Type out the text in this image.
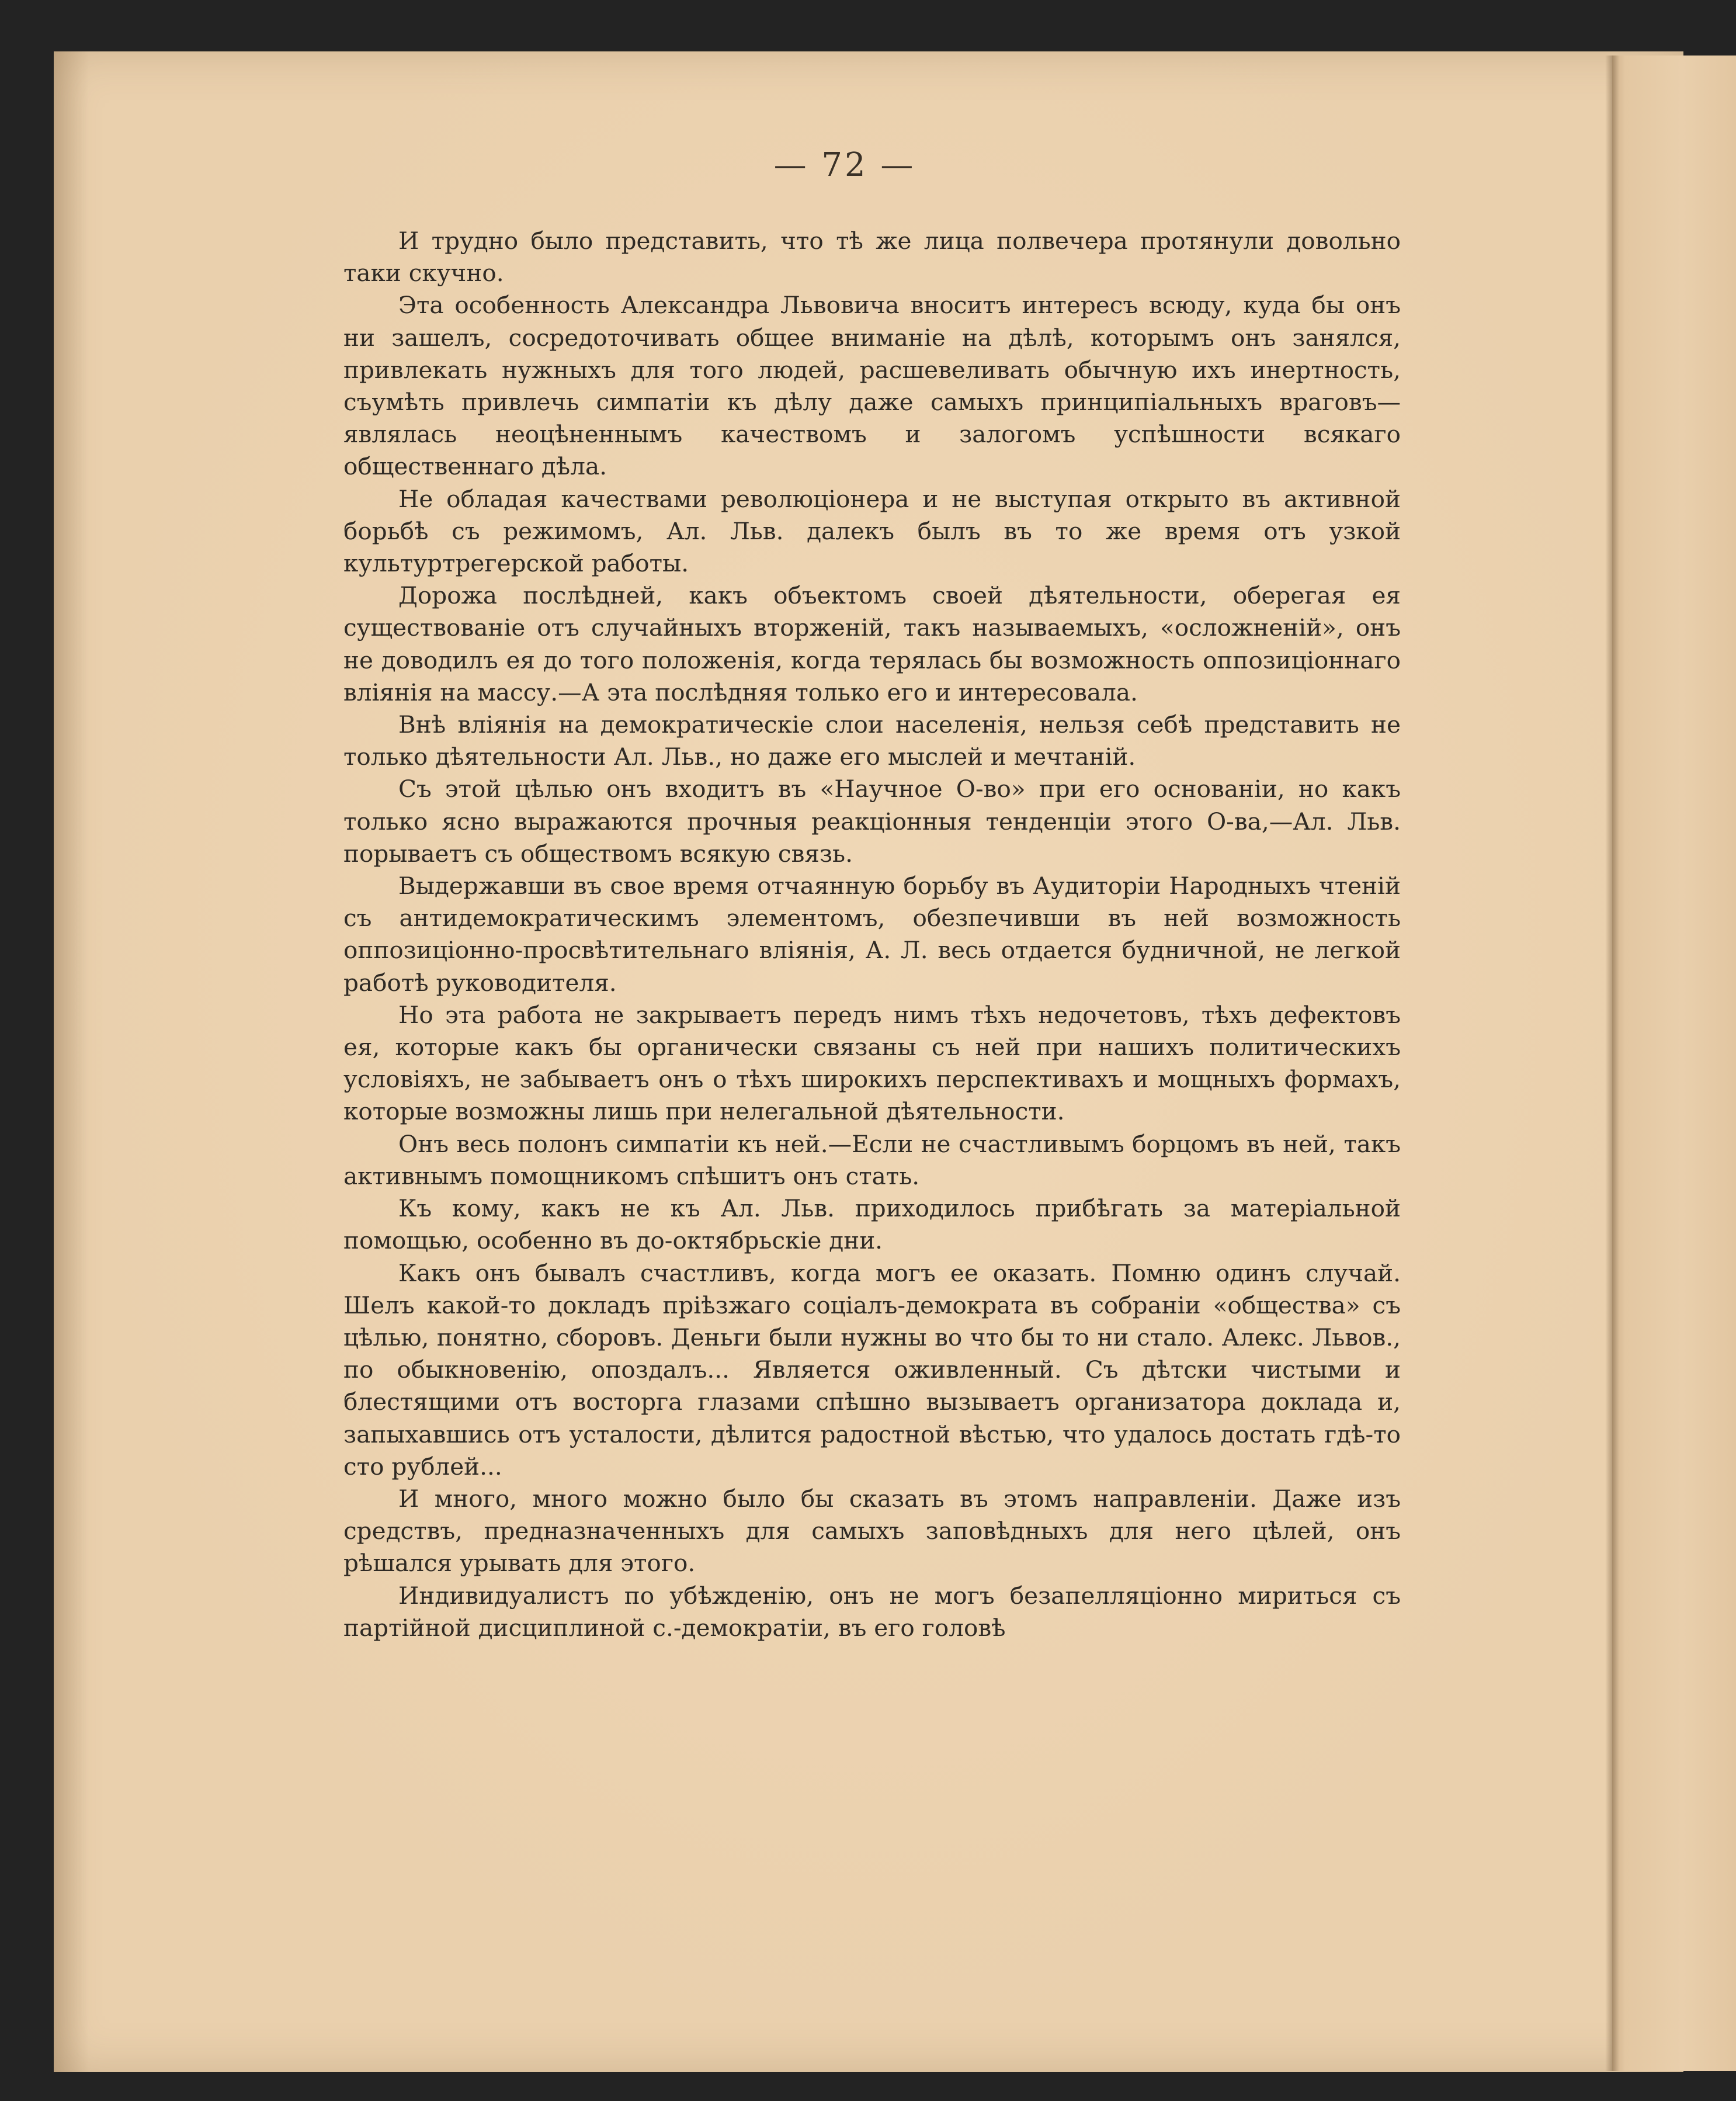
— 72 —

И трудно было представить, что тѣ же лица полвечера протянули довольно таки скучно.

Эта особенность Александра Львовича вноситъ интересъ всюду, куда бы онъ ни зашелъ, сосредоточивать общее вниманіе на дѣлѣ, которымъ онъ занялся, привлекать нужныхъ для того людей, расшевеливать обычную ихъ инертность, съумѣть привлечь симпатіи къ дѣлу даже самыхъ принципіальныхъ враговъ—являлась неоцѣненнымъ качествомъ и залогомъ успѣшности всякаго общественнаго дѣла.

Не обладая качествами революціонера и не выступая открыто въ активной борьбѣ съ режимомъ, Ал. Льв. далекъ былъ въ то же время отъ узкой культуртрегерской работы.

Дорожа послѣдней, какъ объектомъ своей дѣятельности, оберегая ея существованіе отъ случайныхъ вторженій, такъ называемыхъ, «осложненій», онъ не доводилъ ея до того положенія, когда терялась бы возможность оппозиціоннаго вліянія на массу.—А эта послѣдняя только его и интересовала.

Внѣ вліянія на демократическіе слои населенія, нельзя себѣ представить не только дѣятельности Ал. Льв., но даже его мыслей и мечтаній.

Съ этой цѣлью онъ входитъ въ «Научное О-во» при его основаніи, но какъ только ясно выражаются прочныя реакціонныя тенденціи этого О-ва,—Ал. Льв. порываетъ съ обществомъ всякую связь.

Выдержавши въ свое время отчаянную борьбу въ Аудиторіи Народныхъ чтеній съ антидемократическимъ элементомъ, обезпечивши въ ней возможность оппозиціонно-просвѣтительнаго вліянія, А. Л. весь отдается будничной, не легкой работѣ руководителя.

Но эта работа не закрываетъ передъ нимъ тѣхъ недочетовъ, тѣхъ дефектовъ ея, которые какъ бы органически связаны съ ней при нашихъ политическихъ условіяхъ, не забываетъ онъ о тѣхъ широкихъ перспективахъ и мощныхъ формахъ, которые возможны лишь при нелегальной дѣятельности.

Онъ весь полонъ симпатіи къ ней.—Если не счастливымъ борцомъ въ ней, такъ активнымъ помощникомъ спѣшитъ онъ стать.

Къ кому, какъ не къ Ал. Льв. приходилось прибѣгать за матеріальной помощью, особенно въ до-октябрьскіе дни.

Какъ онъ бывалъ счастливъ, когда могъ ее оказать. Помню одинъ случай. Шелъ какой-то докладъ пріѣзжаго соціалъ-демократа въ собраніи «общества» съ цѣлью, понятно, сборовъ. Деньги были нужны во что бы то ни стало. Алекс. Львов., по обыкновенію, опоздалъ... Является оживленный. Съ дѣтски чистыми и блестящими отъ восторга глазами спѣшно вызываетъ организатора доклада и, запыхавшись отъ усталости, дѣлится радостной вѣстью, что удалось достать гдѣ-то сто рублей...

И много, много можно было бы сказать въ этомъ направленіи. Даже изъ средствъ, предназначенныхъ для самыхъ заповѣдныхъ для него цѣлей, онъ рѣшался урывать для этого.

Индивидуалистъ по убѣжденію, онъ не могъ безапелляціонно мириться съ партійной дисциплиной с.-демократіи, въ его головѣ
